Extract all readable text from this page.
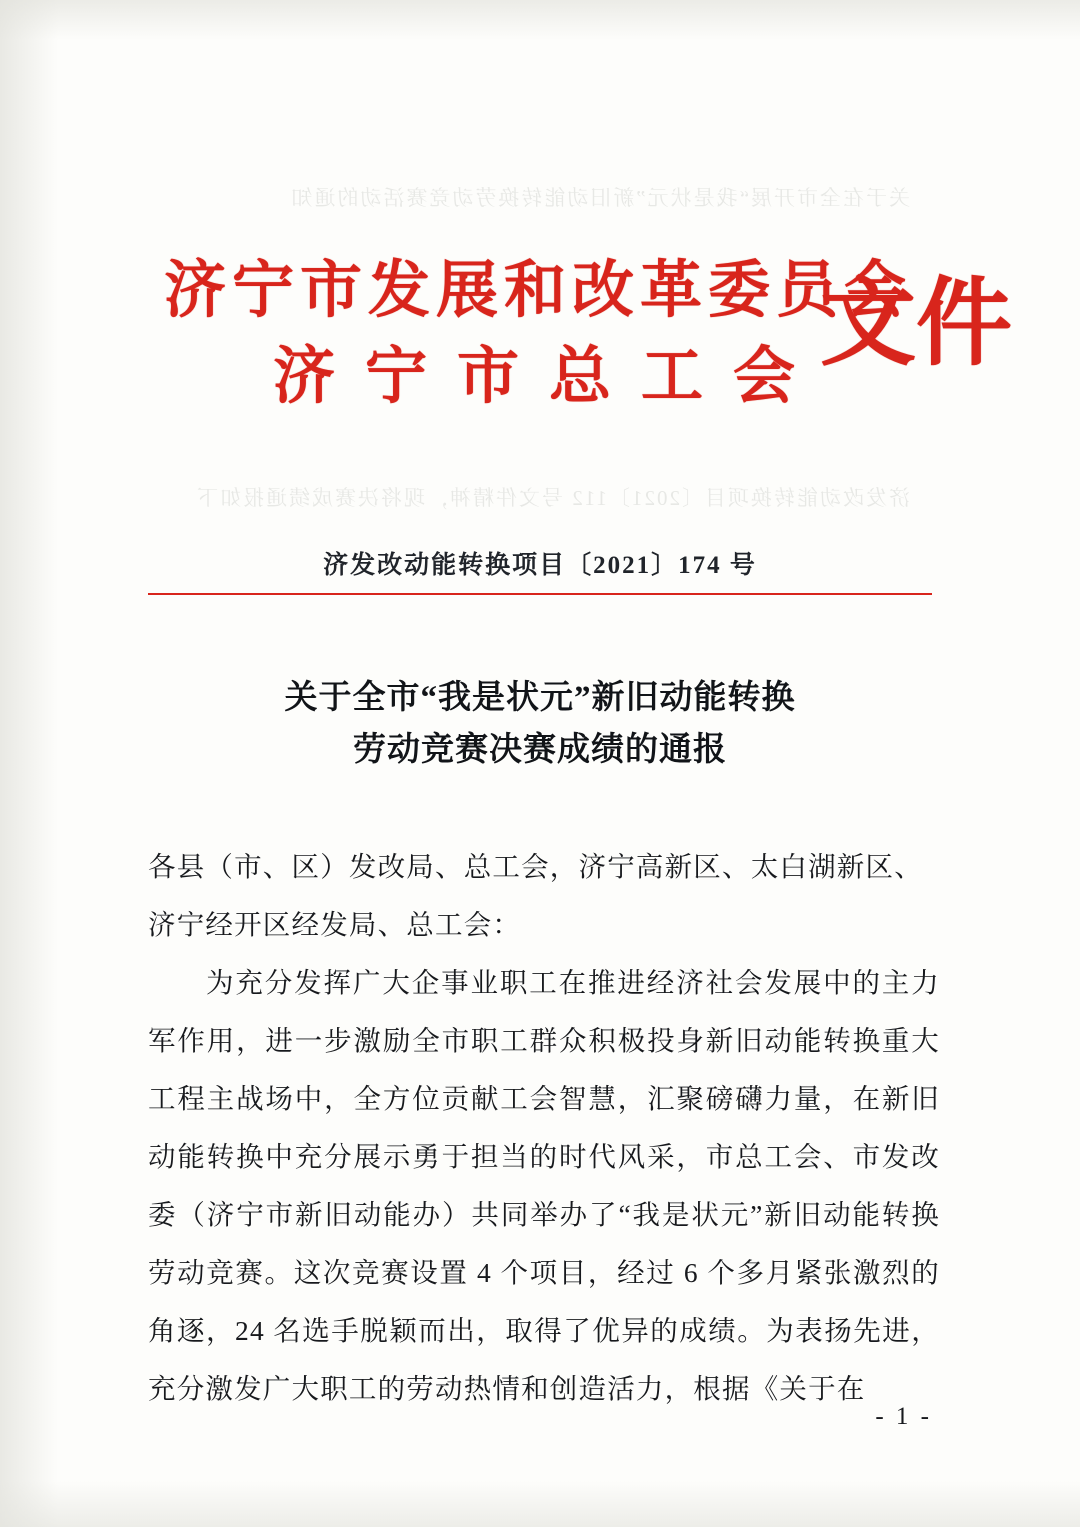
关于在全市开展“我是状元”新旧动能转换劳动竞赛活动的通知
济发改动能转换项目〔2021〕112 号文件精神，现将决赛成绩通报如下
济宁市发展和改革委员会
济宁市总工会
文件
济发改动能转换项目〔2021〕174 号
关于全市“我是状元”新旧动能转换
劳动竞赛决赛成绩的通报

各县（市、区）发改局、总工会，济宁高新区、太白湖新区、

济宁经开区经发局、总工会：

为充分发挥广大企事业职工在推进经济社会发展中的主力军作用，进一步激励全市职工群众积极投身新旧动能转换重大工程主战场中，全方位贡献工会智慧，汇聚磅礴力量，在新旧动能转换中充分展示勇于担当的时代风采，市总工会、市发改委（济宁市新旧动能办）共同举办了“我是状元”新旧动能转换劳动竞赛。这次竞赛设置 4 个项目，经过 6 个多月紧张激烈的角逐，24 名选手脱颖而出，取得了优异的成绩。为表扬先进，充分激发广大职工的劳动热情和创造活力，根据《关于在

- 1 -
